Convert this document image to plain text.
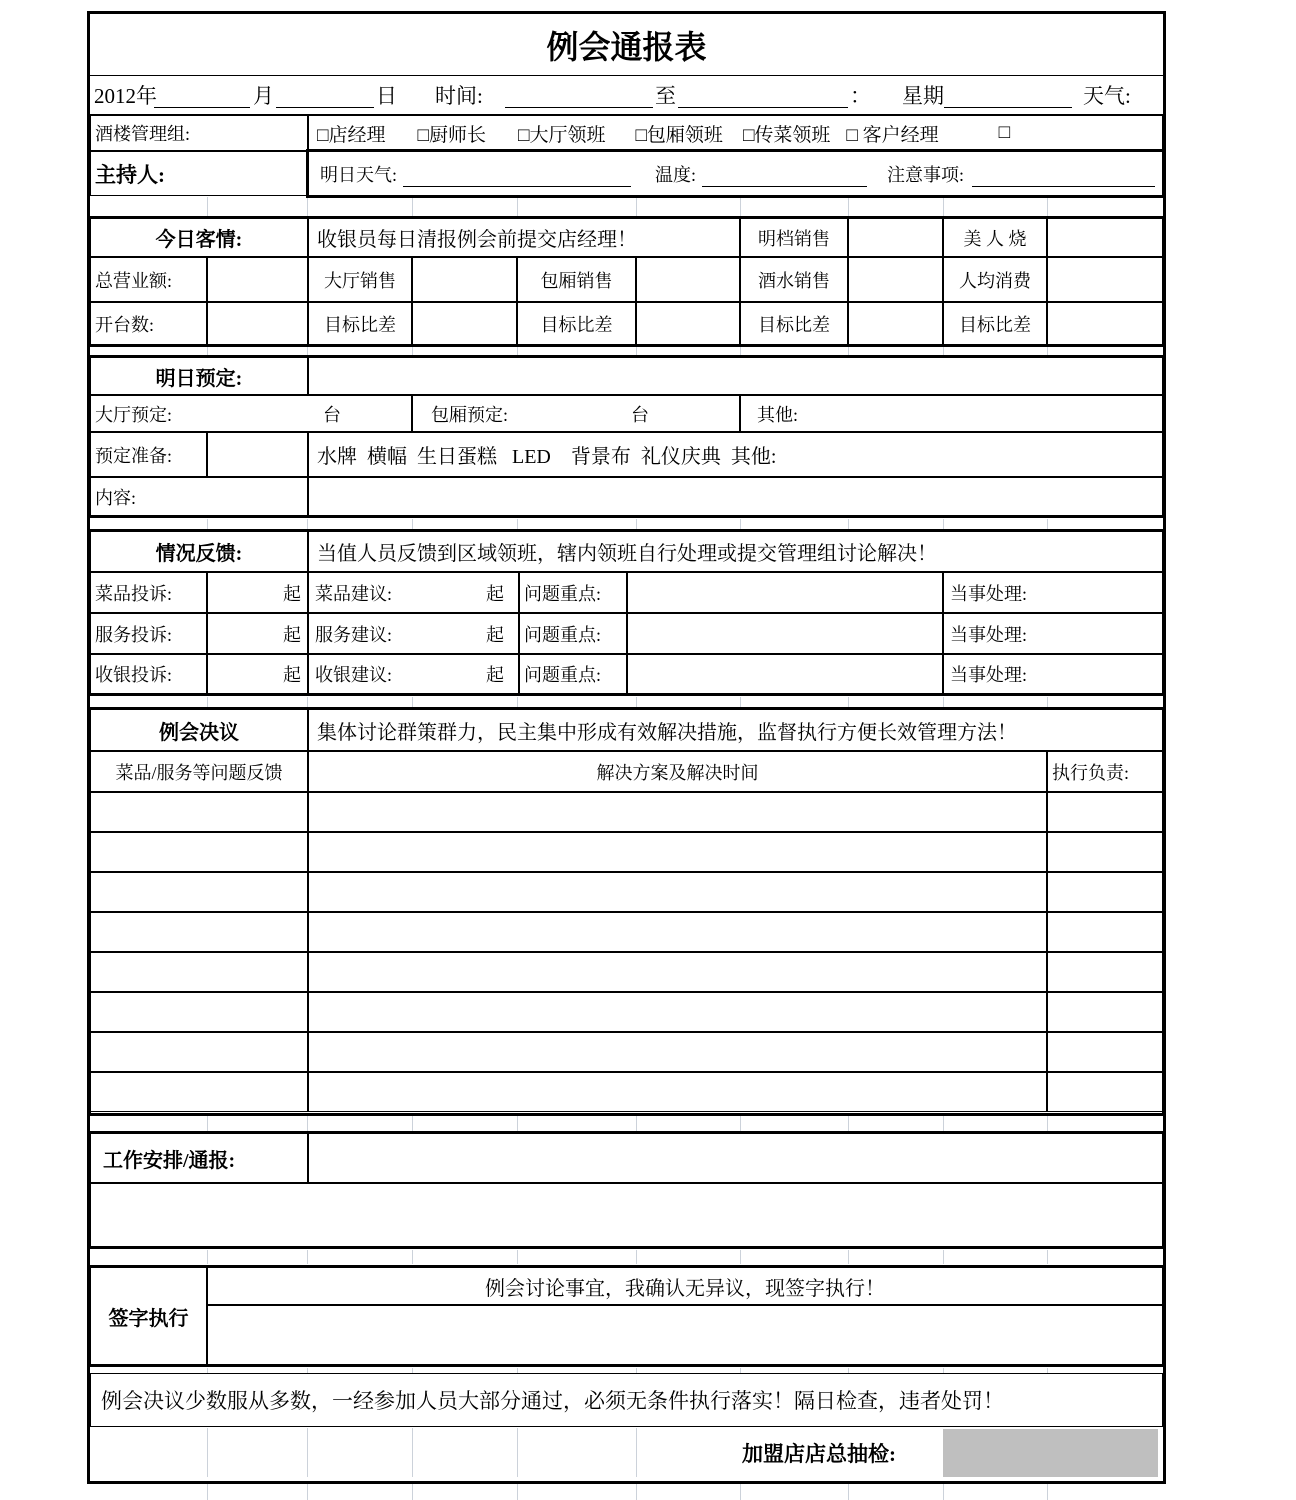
例会通报表
2012年	月	日 时间:	至	： 星期	天气:
酒楼管理组:	□店经理 □厨师长 □大厅领班 □包厢领班 □传菜领班 □ 客户经理	□
主持人:	明日天气:	温度:	注意事项:
今日客情:	收银员每日清报例会前提交店经理！	明档销售	美 人 烧
总营业额:	大厅销售	包厢销售	酒水销售	人均消费
开台数:	目标比差	目标比差	目标比差	目标比差
明日预定:
大厅预定:	台	包厢预定:	台	其他:
预定准备:	水牌  横幅  生日蛋糕   LED    背景布  礼仪庆典  其他:
内容:
情况反馈:	当值人员反馈到区域领班，辖内领班自行处理或提交管理组讨论解决！
菜品投诉:	起 菜品建议:	起 问题重点:	当事处理:
服务投诉:	起 服务建议:	起 问题重点:	当事处理:
收银投诉:	起 收银建议:	起 问题重点:	当事处理:
例会决议	集体讨论群策群力，民主集中形成有效解决措施，监督执行方便长效管理方法！
菜品/服务等问题反馈	解决方案及解决时间	执行负责:
工作安排/通报:
签字执行
例会讨论事宜，我确认无异议，现签字执行！
例会决议少数服从多数，一经参加人员大部分通过，必须无条件执行落实！隔日检查，违者处罚！
加盟店店总抽检:
